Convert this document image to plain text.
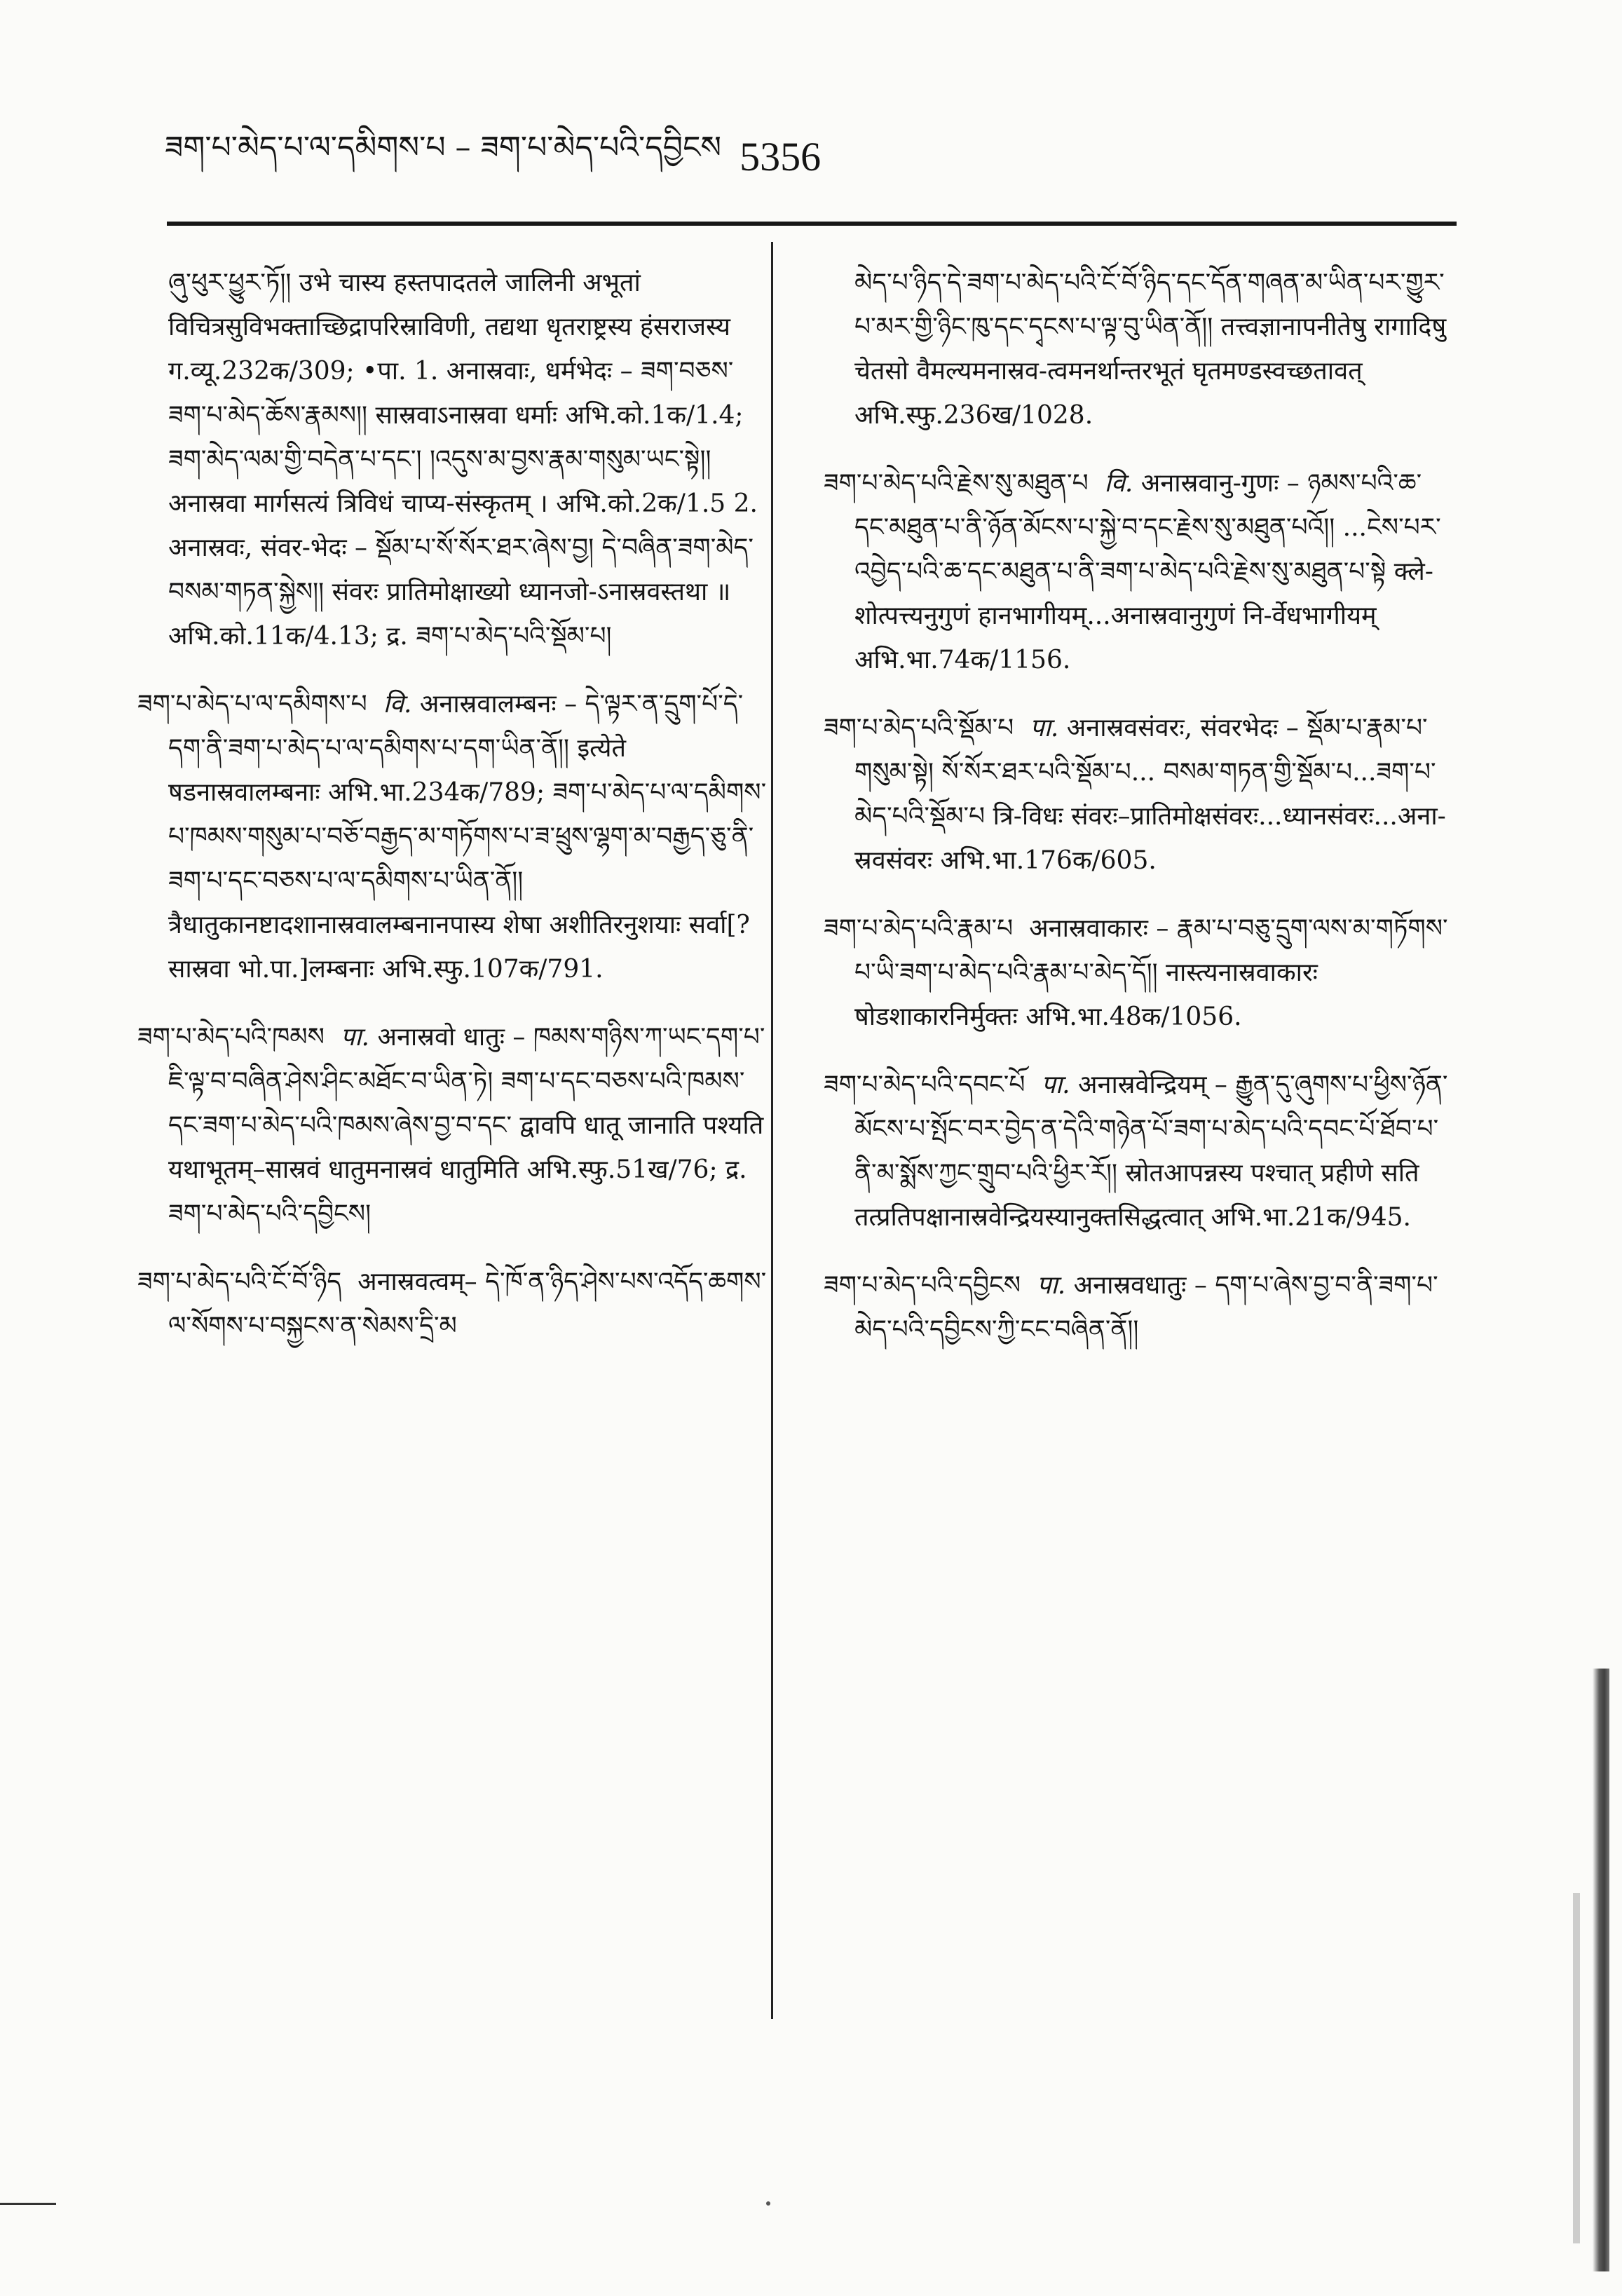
ཟག་པ་མེད་པ་ལ་དམིགས་པ – ཟག་པ་མེད་པའི་དབྱིངས 5356

ཞུ་ཕུར་ཕྱུར་ཏོ།། उभे चास्य हस्तपादतले जालिनी अभूतां विचित्रसुविभक्ताच्छिद्रापरिस्राविणी, तद्यथा धृतराष्ट्रस्य हंसराजस्य ग.व्यू.232क/309; •पा. 1. अनास्रवाः, धर्मभेदः – ཟག་བཅས་ཟག་པ་མེད་ཆོས་རྣམས།། सास्रवाऽनास्रवा धर्माः अभि.को.1क/1.4; ཟག་མེད་ལམ་གྱི་བདེན་པ་དང་། །འདུས་མ་བྱས་རྣམ་གསུམ་ཡང་སྟེ།། अनास्रवा मार्गसत्यं त्रिविधं चाप्य-संस्कृतम् । अभि.को.2क/1.5 2. अनास्रवः, संवर-भेदः – སྡོམ་པ་སོ་སོར་ཐར་ཞེས་བྱ། དེ་བཞིན་ཟག་མེད་བསམ་གཏན་སྐྱེས།། संवरः प्रातिमोक्षाख्यो ध्यानजो-ऽनास्रवस्तथा ॥ अभि.को.11क/4.13; द्र. ཟག་པ་མེད་པའི་སྡོམ་པ།

ཟག་པ་མེད་པ་ལ་དམིགས་པ वि. अनास्रवालम्बनः – དེ་ལྟར་ན་དྲུག་པོ་དེ་དག་ནི་ཟག་པ་མེད་པ་ལ་དམིགས་པ་དག་ཡིན་ནོ།། इत्येते षडनास्रवालम्बनाः अभि.भा.234क/789; ཟག་པ་མེད་པ་ལ་དམིགས་པ་ཁམས་གསུམ་པ་བཅོ་བརྒྱད་མ་གཏོགས་པ་ཟ་ཕྲུས་ལྷག་མ་བརྒྱད་ཅུ་ནི་ཟག་པ་དང་བཅས་པ་ལ་དམིགས་པ་ཡིན་ནོ།། त्रैधातुकानष्टादशानास्रवालम्बनानपास्य शेषा अशीतिरनुशयाः सर्वा[?सास्रवा भो.पा.]लम्बनाः अभि.स्फु.107क/791.

ཟག་པ་མེད་པའི་ཁམས पा. अनास्रवो धातुः – ཁམས་གཉིས་ཀ་ཡང་དག་པ་ཇི་ལྟ་བ་བཞིན་ཤེས་ཤིང་མཐོང་བ་ཡིན་ཏེ། ཟག་པ་དང་བཅས་པའི་ཁམས་དང་ཟག་པ་མེད་པའི་ཁམས་ཞེས་བྱ་བ་དང་ द्वावपि धातू जानाति पश्यति यथाभूतम्–सास्रवं धातुमनास्रवं धातुमिति अभि.स्फु.51ख/76; द्र. ཟག་པ་མེད་པའི་དབྱིངས།

ཟག་པ་མེད་པའི་ངོ་བོ་ཉིད अनास्रवत्वम्– དེ་ཁོ་ན་ཉིད་ཤེས་པས་འདོད་ཆགས་ལ་སོགས་པ་བསྐྱངས་ན་སེམས་དྲི་མ

མེད་པ་ཉིད་དེ་ཟག་པ་མེད་པའི་ངོ་བོ་ཉིད་དང་དོན་གཞན་མ་ཡིན་པར་གྱུར་པ་མར་གྱི་ཉིང་ཁུ་དང་དྭངས་པ་ལྟ་བུ་ཡིན་ནོ།། तत्त्वज्ञानापनीतेषु रागादिषु चेतसो वैमल्यमनास्रव-त्वमनर्थान्तरभूतं घृतमण्डस्वच्छतावत् अभि.स्फु.236ख/1028.

ཟག་པ་མེད་པའི་རྗེས་སུ་མཐུན་པ वि. अनास्रवानु-गुणः – ཉམས་པའི་ཆ་དང་མཐུན་པ་ནི་ཉོན་མོངས་པ་སྐྱེ་བ་དང་རྗེས་སུ་མཐུན་པའོ།། ...ངེས་པར་འབྱེད་པའི་ཆ་དང་མཐུན་པ་ནི་ཟག་པ་མེད་པའི་རྗེས་སུ་མཐུན་པ་སྟེ क्ले-शोत्पत्त्यनुगुणं हानभागीयम्...अनास्रवानुगुणं नि-र्वेधभागीयम् अभि.भा.74क/1156.

ཟག་པ་མེད་པའི་སྡོམ་པ पा. अनास्रवसंवरः, संवरभेदः – སྡོམ་པ་རྣམ་པ་གསུམ་སྟེ། སོ་སོར་ཐར་པའི་སྡོམ་པ... བསམ་གཏན་གྱི་སྡོམ་པ...ཟག་པ་མེད་པའི་སྡོམ་པ त्रि-विधः संवरः–प्रातिमोक्षसंवरः...ध्यानसंवरः...अना-स्रवसंवरः अभि.भा.176क/605.

ཟག་པ་མེད་པའི་རྣམ་པ अनास्रवाकारः – རྣམ་པ་བཅུ་དྲུག་ལས་མ་གཏོགས་པ་ཡི་ཟག་པ་མེད་པའི་རྣམ་པ་མེད་དོ།། नास्त्यनास्रवाकारः षोडशाकारनिर्मुक्तः अभि.भा.48क/1056.

ཟག་པ་མེད་པའི་དབང་པོ पा. अनास्रवेन्द्रियम् – རྒྱུན་དུ་ཞུགས་པ་ཕྱིས་ཉོན་མོངས་པ་སྤོང་བར་བྱེད་ན་དེའི་གཉེན་པོ་ཟག་པ་མེད་པའི་དབང་པོ་ཐོབ་པ་ནི་མ་སྨོས་ཀྱང་གྲུབ་པའི་ཕྱིར་རོ།། स्रोतआपन्नस्य पश्चात् प्रहीणे सति तत्प्रतिपक्षानास्रवेन्द्रियस्यानुक्तसिद्धत्वात् अभि.भा.21क/945.

ཟག་པ་མེད་པའི་དབྱིངས पा. अनास्रवधातुः – དག་པ་ཞེས་བྱ་བ་ནི་ཟག་པ་མེད་པའི་དབྱིངས་ཀྱི་ངང་བཞིན་ནོ།།
